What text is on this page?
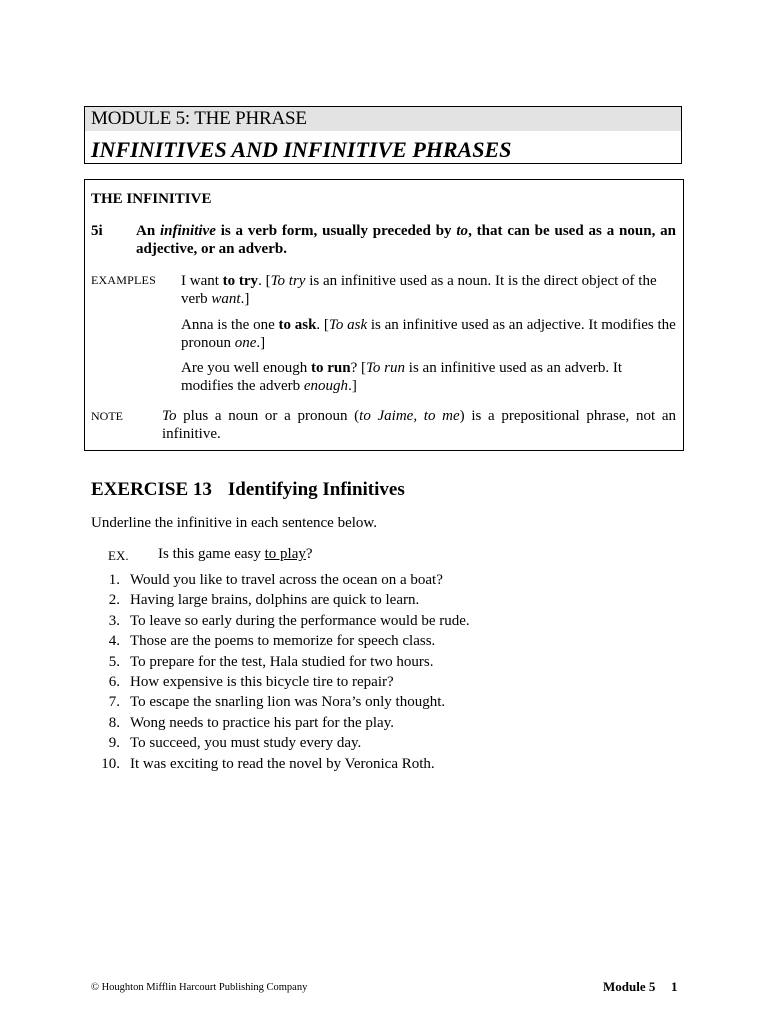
MODULE 5: THE PHRASE
INFINITIVES AND INFINITIVE PHRASES
THE INFINITIVE
5i An infinitive is a verb form, usually preceded by to, that can be used as a noun, an adjective, or an adverb.
EXAMPLES I want to try. [To try is an infinitive used as a noun. It is the direct object of the verb want.]
Anna is the one to ask. [To ask is an infinitive used as an adjective. It modifies the pronoun one.]
Are you well enough to run? [To run is an infinitive used as an adverb. It modifies the adverb enough.]
NOTE	To plus a noun or a pronoun (to Jaime, to me) is a prepositional phrase, not an infinitive.
EXERCISE 13 Identifying Infinitives
Underline the infinitive in each sentence below.
EX. Is this game easy to play?
1. Would you like to travel across the ocean on a boat?
2. Having large brains, dolphins are quick to learn.
3. To leave so early during the performance would be rude.
4. Those are the poems to memorize for speech class.
5. To prepare for the test, Hala studied for two hours.
6. How expensive is this bicycle tire to repair?
7. To escape the snarling lion was Nora’s only thought.
8. Wong needs to practice his part for the play.
9. To succeed, you must study every day.
10. It was exciting to read the novel by Veronica Roth.
© Houghton Mifflin Harcourt Publishing Company	Module 5 1
